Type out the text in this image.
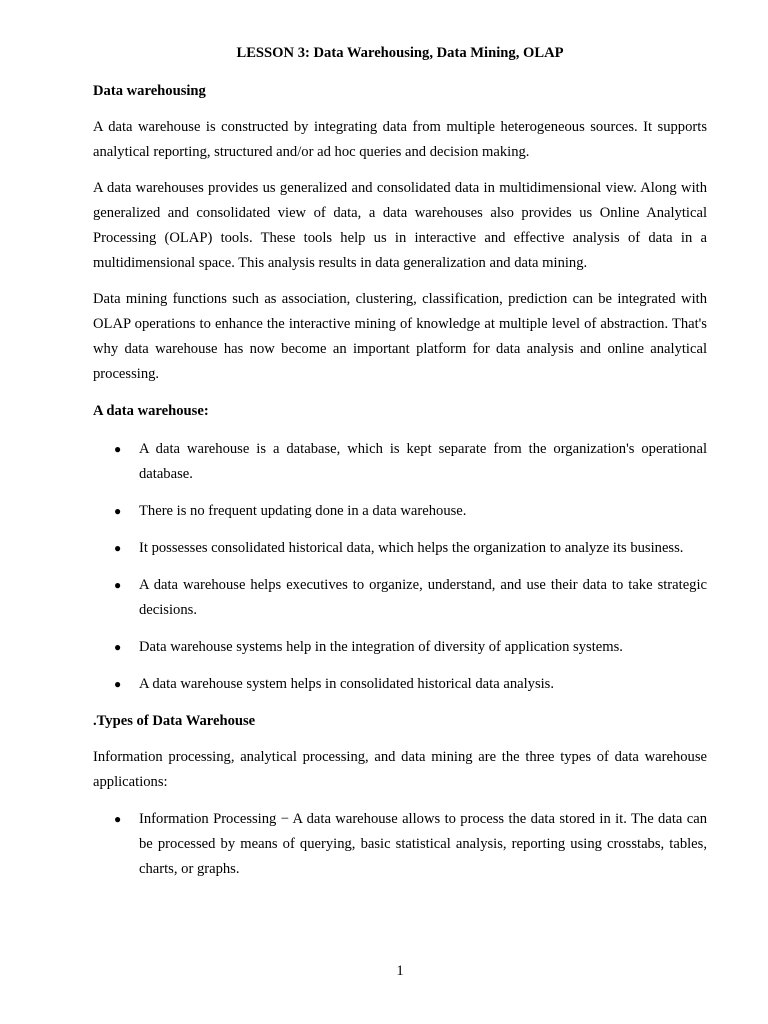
LESSON 3: Data Warehousing, Data Mining, OLAP

Data warehousing

A data warehouse is constructed by integrating data from multiple heterogeneous sources. It supports analytical reporting, structured and/or ad hoc queries and decision making.

A data warehouses provides us generalized and consolidated data in multidimensional view. Along with generalized and consolidated view of data, a data warehouses also provides us Online Analytical Processing (OLAP) tools. These tools help us in interactive and effective analysis of data in a multidimensional space. This analysis results in data generalization and data mining.

Data mining functions such as association, clustering, classification, prediction can be integrated with OLAP operations to enhance the interactive mining of knowledge at multiple level of abstraction. That's why data warehouse has now become an important platform for data analysis and online analytical processing.

A data warehouse:

● A data warehouse is a database, which is kept separate from the organization's operational database.
● There is no frequent updating done in a data warehouse.
● It possesses consolidated historical data, which helps the organization to analyze its business.
● A data warehouse helps executives to organize, understand, and use their data to take strategic decisions.
● Data warehouse systems help in the integration of diversity of application systems.
● A data warehouse system helps in consolidated historical data analysis.

.Types of Data Warehouse

Information processing, analytical processing, and data mining are the three types of data warehouse applications:

● Information Processing − A data warehouse allows to process the data stored in it. The data can be processed by means of querying, basic statistical analysis, reporting using crosstabs, tables, charts, or graphs.
1
